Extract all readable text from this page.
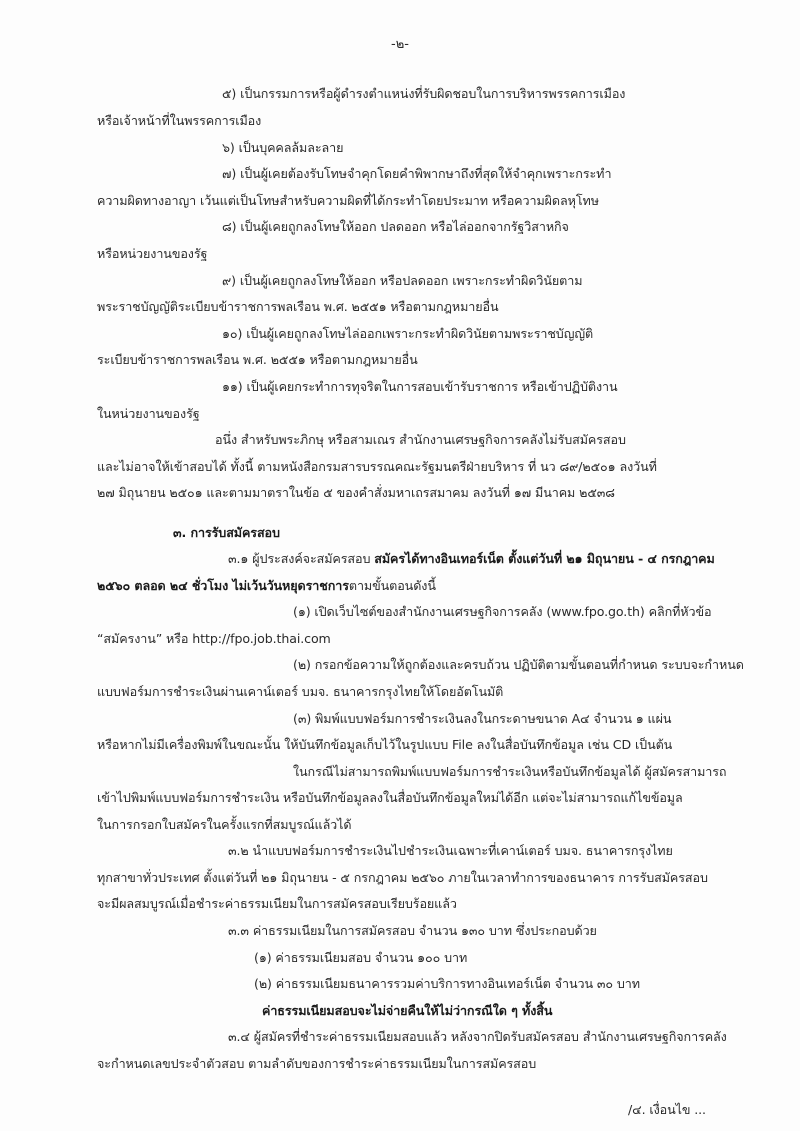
-๒-
๕) เป็นกรรมการหรือผู้ดำรงตำแหน่งที่รับผิดชอบในการบริหารพรรคการเมือง
หรือเจ้าหน้าที่ในพรรคการเมือง
๖) เป็นบุคคลล้มละลาย
๗) เป็นผู้เคยต้องรับโทษจำคุกโดยคำพิพากษาถึงที่สุดให้จำคุกเพราะกระทำ
ความผิดทางอาญา เว้นแต่เป็นโทษสำหรับความผิดที่ได้กระทำโดยประมาท หรือความผิดลหุโทษ
๘) เป็นผู้เคยถูกลงโทษให้ออก ปลดออก หรือไล่ออกจากรัฐวิสาหกิจ
หรือหน่วยงานของรัฐ
๙) เป็นผู้เคยถูกลงโทษให้ออก หรือปลดออก เพราะกระทำผิดวินัยตาม
พระราชบัญญัติระเบียบข้าราชการพลเรือน พ.ศ. ๒๕๕๑ หรือตามกฎหมายอื่น
๑๐) เป็นผู้เคยถูกลงโทษไล่ออกเพราะกระทำผิดวินัยตามพระราชบัญญัติ
ระเบียบข้าราชการพลเรือน พ.ศ. ๒๕๕๑ หรือตามกฎหมายอื่น
๑๑) เป็นผู้เคยกระทำการทุจริตในการสอบเข้ารับราชการ หรือเข้าปฏิบัติงาน
ในหน่วยงานของรัฐ
อนึ่ง สำหรับพระภิกษุ หรือสามเณร สำนักงานเศรษฐกิจการคลังไม่รับสมัครสอบ
และไม่อาจให้เข้าสอบได้ ทั้งนี้ ตามหนังสือกรมสารบรรณคณะรัฐมนตรีฝ่ายบริหาร ที่ นว ๘๙/๒๕๐๑ ลงวันที่
๒๗ มิถุนายน ๒๕๐๑ และตามมาตราในข้อ ๕ ของคำสั่งมหาเถรสมาคม ลงวันที่ ๑๗ มีนาคม ๒๕๓๘
๓. การรับสมัครสอบ
๓.๑ ผู้ประสงค์จะสมัครสอบ สมัครได้ทางอินเทอร์เน็ต ตั้งแต่วันที่ ๒๑ มิถุนายน - ๔ กรกฎาคม
๒๕๖๐ ตลอด ๒๔ ชั่วโมง ไม่เว้นวันหยุดราชการตามขั้นตอนดังนี้
(๑) เปิดเว็บไซต์ของสำนักงานเศรษฐกิจการคลัง (www.fpo.go.th) คลิกที่หัวข้อ
“สมัครงาน” หรือ http://fpo.job.thai.com
(๒) กรอกข้อความให้ถูกต้องและครบถ้วน ปฏิบัติตามขั้นตอนที่กำหนด ระบบจะกำหนด
แบบฟอร์มการชำระเงินผ่านเคาน์เตอร์ บมจ. ธนาคารกรุงไทยให้โดยอัตโนมัติ
(๓) พิมพ์แบบฟอร์มการชำระเงินลงในกระดาษขนาด A๔ จำนวน ๑ แผ่น
หรือหากไม่มีเครื่องพิมพ์ในขณะนั้น ให้บันทึกข้อมูลเก็บไว้ในรูปแบบ File ลงในสื่อบันทึกข้อมูล เช่น CD เป็นต้น
ในกรณีไม่สามารถพิมพ์แบบฟอร์มการชำระเงินหรือบันทึกข้อมูลได้ ผู้สมัครสามารถ
เข้าไปพิมพ์แบบฟอร์มการชำระเงิน หรือบันทึกข้อมูลลงในสื่อบันทึกข้อมูลใหม่ได้อีก แต่จะไม่สามารถแก้ไขข้อมูล
ในการกรอกใบสมัครในครั้งแรกที่สมบูรณ์แล้วได้
๓.๒ นำแบบฟอร์มการชำระเงินไปชำระเงินเฉพาะที่เคาน์เตอร์ บมจ. ธนาคารกรุงไทย
ทุกสาขาทั่วประเทศ ตั้งแต่วันที่ ๒๑ มิถุนายน - ๕ กรกฎาคม ๒๕๖๐ ภายในเวลาทำการของธนาคาร การรับสมัครสอบ
จะมีผลสมบูรณ์เมื่อชำระค่าธรรมเนียมในการสมัครสอบเรียบร้อยแล้ว
๓.๓ ค่าธรรมเนียมในการสมัครสอบ จำนวน ๑๓๐ บาท ซึ่งประกอบด้วย
(๑) ค่าธรรมเนียมสอบ จำนวน ๑๐๐ บาท
(๒) ค่าธรรมเนียมธนาคารรวมค่าบริการทางอินเทอร์เน็ต จำนวน ๓๐ บาท
ค่าธรรมเนียมสอบจะไม่จ่ายคืนให้ไม่ว่ากรณีใด ๆ ทั้งสิ้น
๓.๔ ผู้สมัครที่ชำระค่าธรรมเนียมสอบแล้ว หลังจากปิดรับสมัครสอบ สำนักงานเศรษฐกิจการคลัง
จะกำหนดเลขประจำตัวสอบ ตามลำดับของการชำระค่าธรรมเนียมในการสมัครสอบ
/๔. เงื่อนไข ...
